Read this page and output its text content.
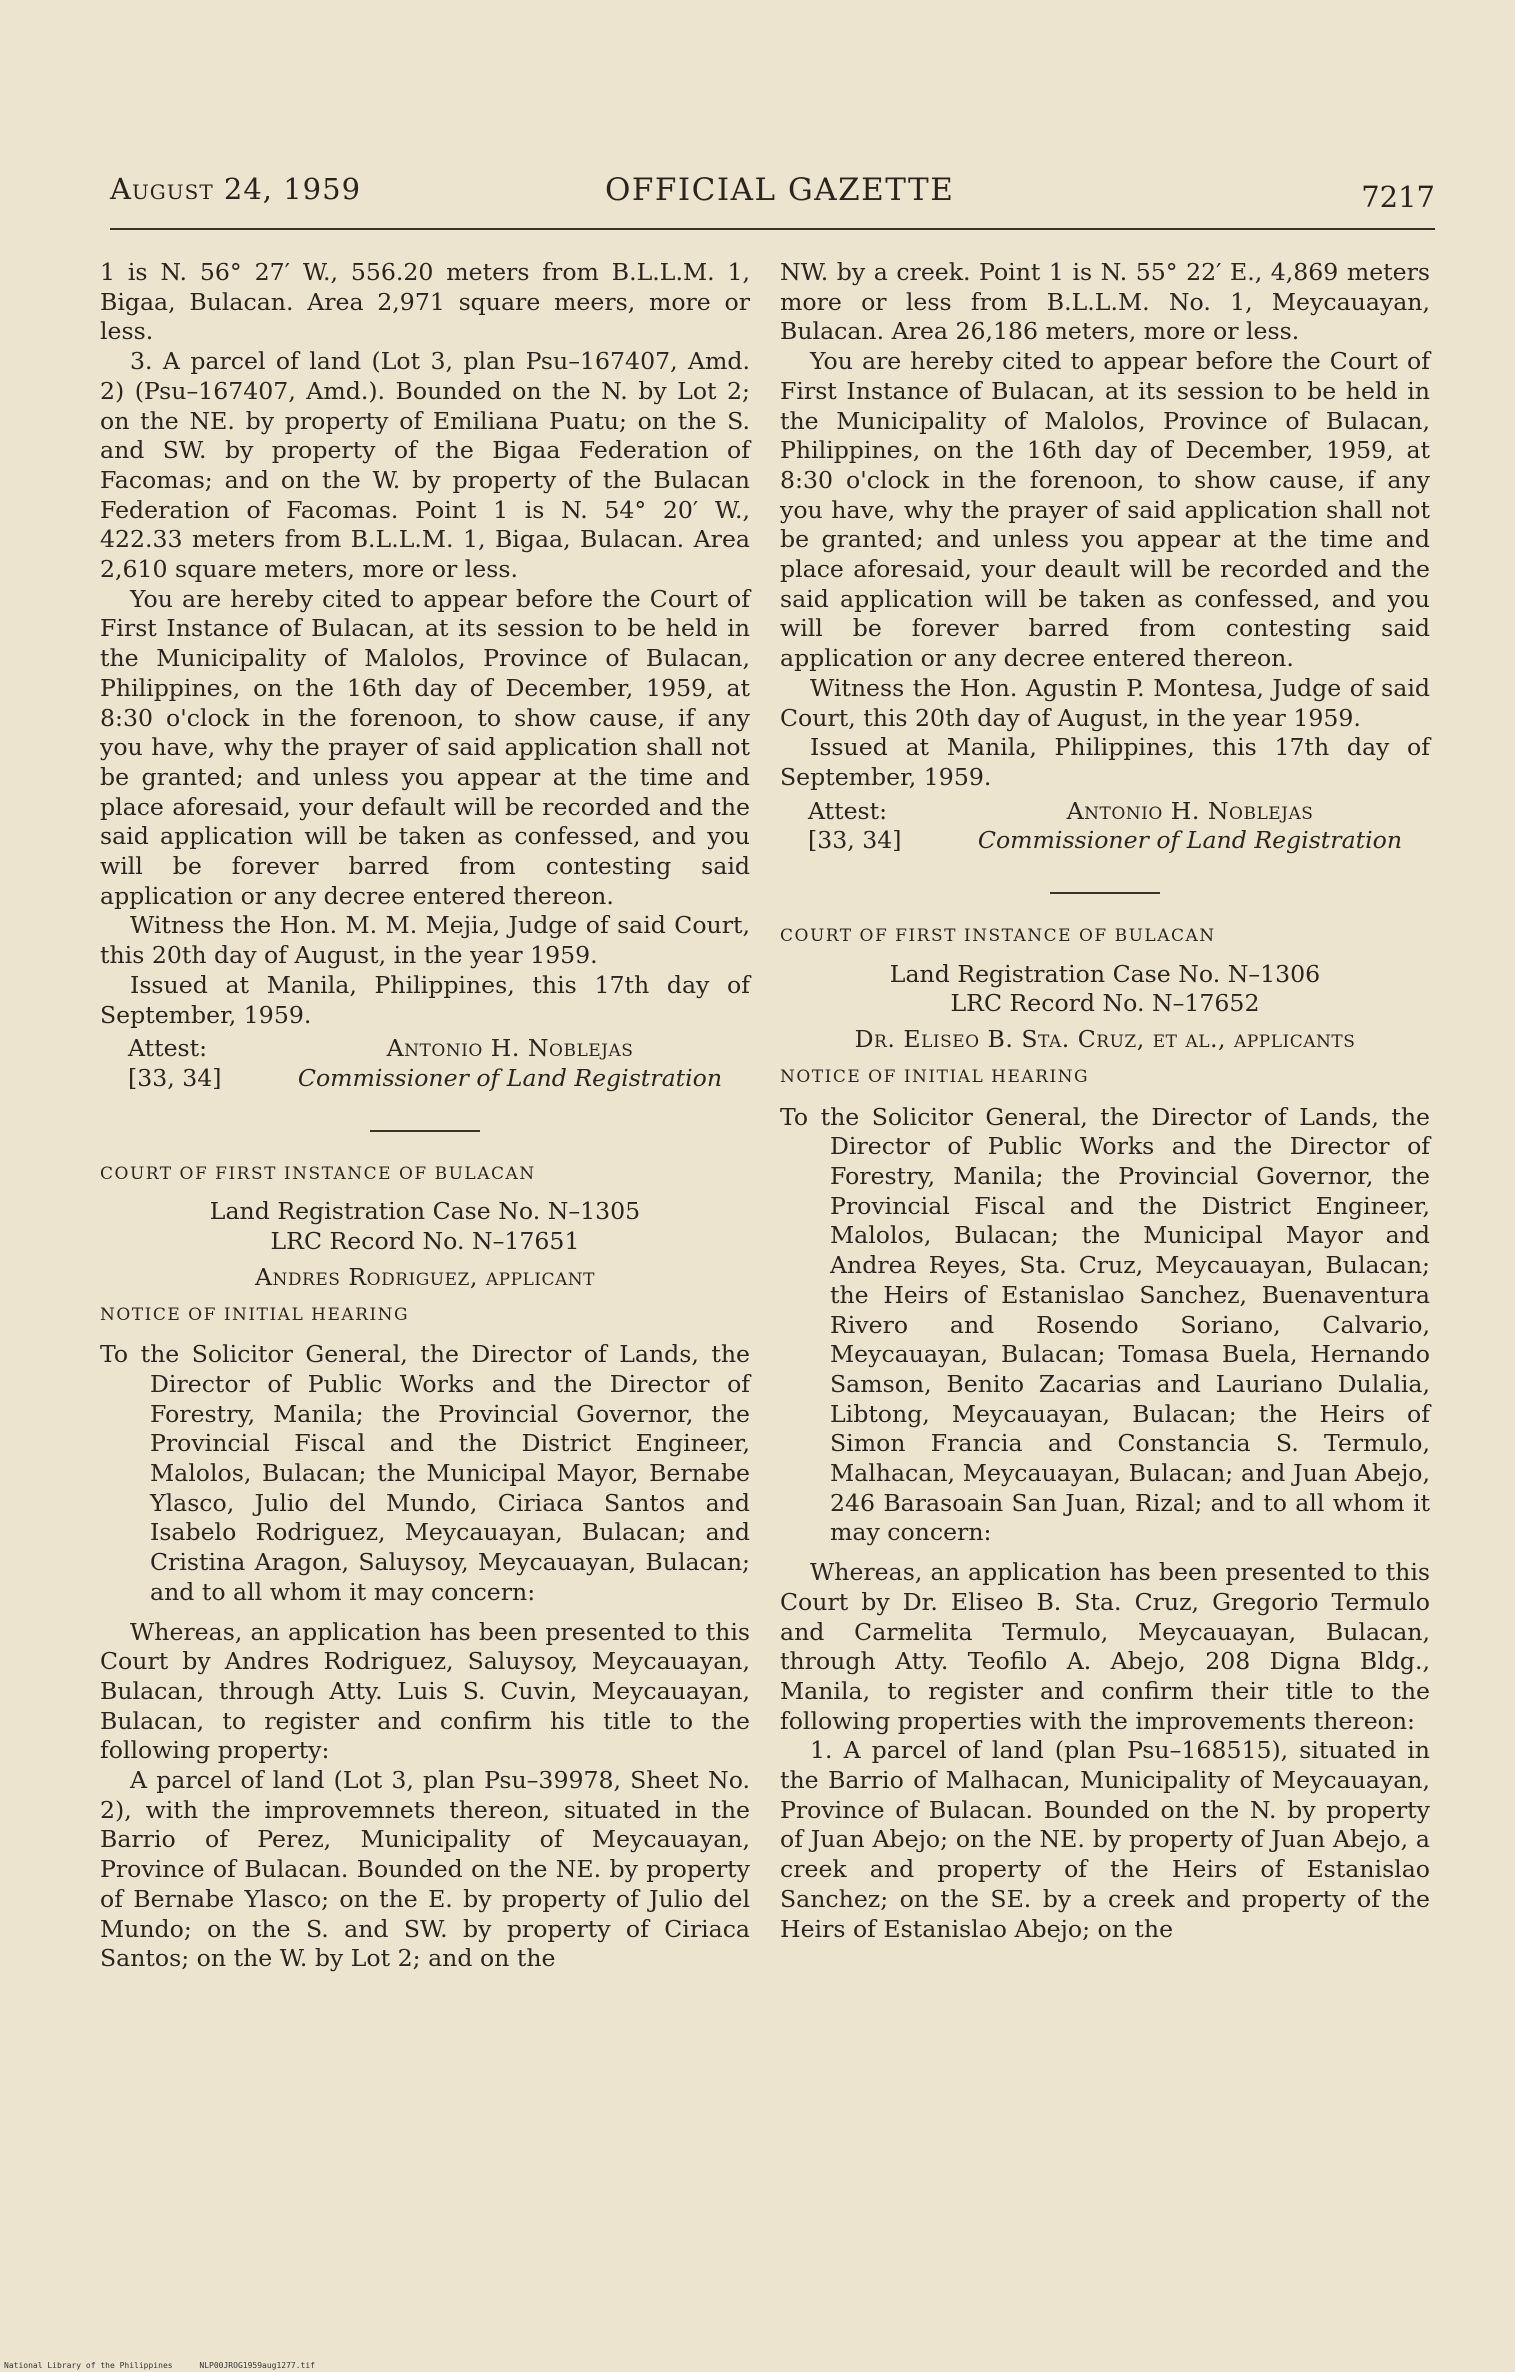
August 24, 1959	OFFICIAL GAZETTE	7217

1 is N. 56° 27′ W., 556.20 meters from B.L.L.M. 1, Bigaa, Bulacan. Area 2,971 square meers, more or less.

3. A parcel of land (Lot 3, plan Psu–167407, Amd. 2) (Psu–167407, Amd.). Bounded on the N. by Lot 2; on the NE. by property of Emiliana Puatu; on the S. and SW. by property of the Bigaa Federation of Facomas; and on the W. by property of the Bulacan Federation of Facomas. Point 1 is N. 54° 20′ W., 422.33 meters from B.L.L.M. 1, Bigaa, Bulacan. Area 2,610 square meters, more or less.

You are hereby cited to appear before the Court of First Instance of Bulacan, at its session to be held in the Municipality of Malolos, Province of Bulacan, Philippines, on the 16th day of December, 1959, at 8:30 o'clock in the forenoon, to show cause, if any you have, why the prayer of said application shall not be granted; and unless you appear at the time and place aforesaid, your default will be recorded and the said application will be taken as confessed, and you will be forever barred from contesting said application or any decree entered thereon.

Witness the Hon. M. M. Mejia, Judge of said Court, this 20th day of August, in the year 1959.

Issued at Manila, Philippines, this 17th day of September, 1959.

Attest:	Antonio H. Noblejas
[33, 34]	Commissioner of Land Registration

COURT OF FIRST INSTANCE OF BULACAN

Land Registration Case No. N–1305

LRC Record No. N–17651

Andres Rodriguez, applicant

NOTICE OF INITIAL HEARING

To the Solicitor General, the Director of Lands, the Director of Public Works and the Director of Forestry, Manila; the Provincial Governor, the Provincial Fiscal and the District Engineer, Malolos, Bulacan; the Municipal Mayor, Bernabe Ylasco, Julio del Mundo, Ciriaca Santos and Isabelo Rodriguez, Meycauayan, Bulacan; and Cristina Aragon, Saluysoy, Meycauayan, Bulacan; and to all whom it may concern:

Whereas, an application has been presented to this Court by Andres Rodriguez, Saluysoy, Meycauayan, Bulacan, through Atty. Luis S. Cuvin, Meycauayan, Bulacan, to register and confirm his title to the following property:

A parcel of land (Lot 3, plan Psu–39978, Sheet No. 2), with the improvemnets thereon, situated in the Barrio of Perez, Municipality of Meycauayan, Province of Bulacan. Bounded on the NE. by property of Bernabe Ylasco; on the E. by property of Julio del Mundo; on the S. and SW. by property of Ciriaca Santos; on the W. by Lot 2; and on the

NW. by a creek. Point 1 is N. 55° 22′ E., 4,869 meters more or less from B.L.L.M. No. 1, Meycauayan, Bulacan. Area 26,186 meters, more or less.

You are hereby cited to appear before the Court of First Instance of Bulacan, at its session to be held in the Municipality of Malolos, Province of Bulacan, Philippines, on the 16th day of December, 1959, at 8:30 o'clock in the forenoon, to show cause, if any you have, why the prayer of said application shall not be granted; and unless you appear at the time and place aforesaid, your deault will be recorded and the said application will be taken as confessed, and you will be forever barred from contesting said application or any decree entered thereon.

Witness the Hon. Agustin P. Montesa, Judge of said Court, this 20th day of August, in the year 1959.

Issued at Manila, Philippines, this 17th day of September, 1959.

Attest:	Antonio H. Noblejas
[33, 34]	Commissioner of Land Registration

COURT OF FIRST INSTANCE OF BULACAN

Land Registration Case No. N–1306

LRC Record No. N–17652

Dr. Eliseo B. Sta. Cruz, et al., applicants

NOTICE OF INITIAL HEARING

To the Solicitor General, the Director of Lands, the Director of Public Works and the Director of Forestry, Manila; the Provincial Governor, the Provincial Fiscal and the District Engineer, Malolos, Bulacan; the Municipal Mayor and Andrea Reyes, Sta. Cruz, Meycauayan, Bulacan; the Heirs of Estanislao Sanchez, Buenaventura Rivero and Rosendo Soriano, Calvario, Meycauayan, Bulacan; Tomasa Buela, Hernando Samson, Benito Zacarias and Lauriano Dulalia, Libtong, Meycauayan, Bulacan; the Heirs of Simon Francia and Constancia S. Termulo, Malhacan, Meycauayan, Bulacan; and Juan Abejo, 246 Barasoain San Juan, Rizal; and to all whom it may concern:

Whereas, an application has been presented to this Court by Dr. Eliseo B. Sta. Cruz, Gregorio Termulo and Carmelita Termulo, Meycauayan, Bulacan, through Atty. Teofilo A. Abejo, 208 Digna Bldg., Manila, to register and confirm their title to the following properties with the improvements thereon:

1. A parcel of land (plan Psu–168515), situated in the Barrio of Malhacan, Municipality of Meycauayan, Province of Bulacan. Bounded on the N. by property of Juan Abejo; on the NE. by property of Juan Abejo, a creek and property of the Heirs of Estanislao Sanchez; on the SE. by a creek and property of the Heirs of Estanislao Abejo; on the

National Library of the Philippines	NLP00JROG1959aug1277.tif
